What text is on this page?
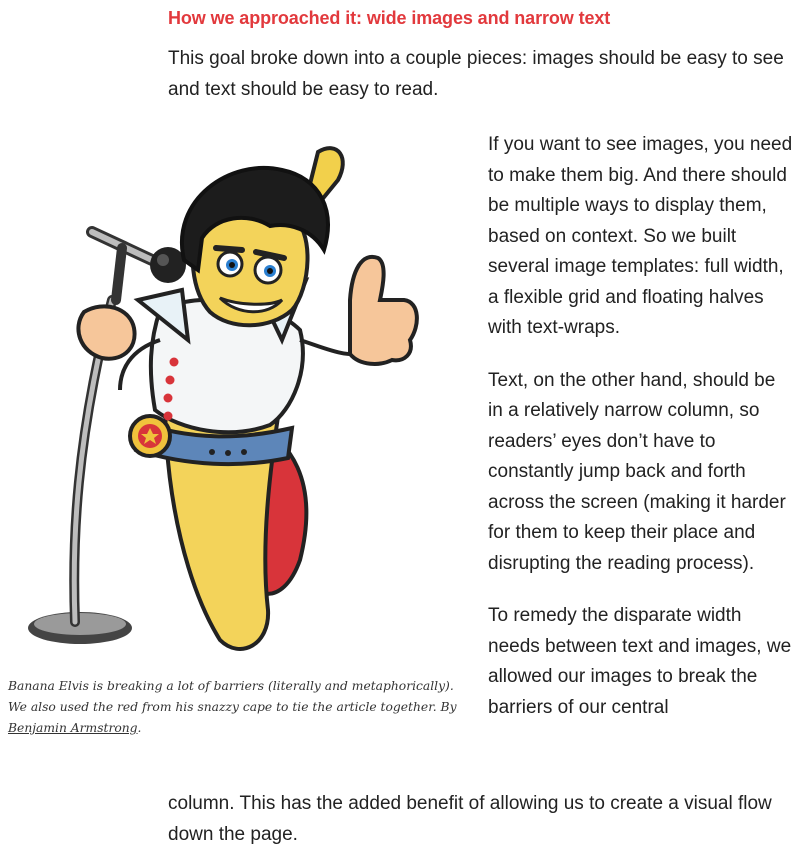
How we approached it: wide images and narrow text

This goal broke down into a couple pieces: images should be easy to see and text should be easy to read.

Banana Elvis is breaking a lot of barriers (literally and metaphorically). We also used the red from his snazzy cape to tie the article together. By Benjamin Armstrong.

If you want to see images, you need to make them big. And there should be multiple ways to display them, based on context. So we built several image templates: full width, a flexible grid and floating halves with text-wraps.

Text, on the other hand, should be in a relatively narrow column, so readers’ eyes don’t have to constantly jump back and forth across the screen (making it harder for them to keep their place and disrupting the reading process).

To remedy the disparate width needs between text and images, we allowed our images to break the barriers of our central

column. This has the added benefit of allowing us to create a visual flow down the page.
